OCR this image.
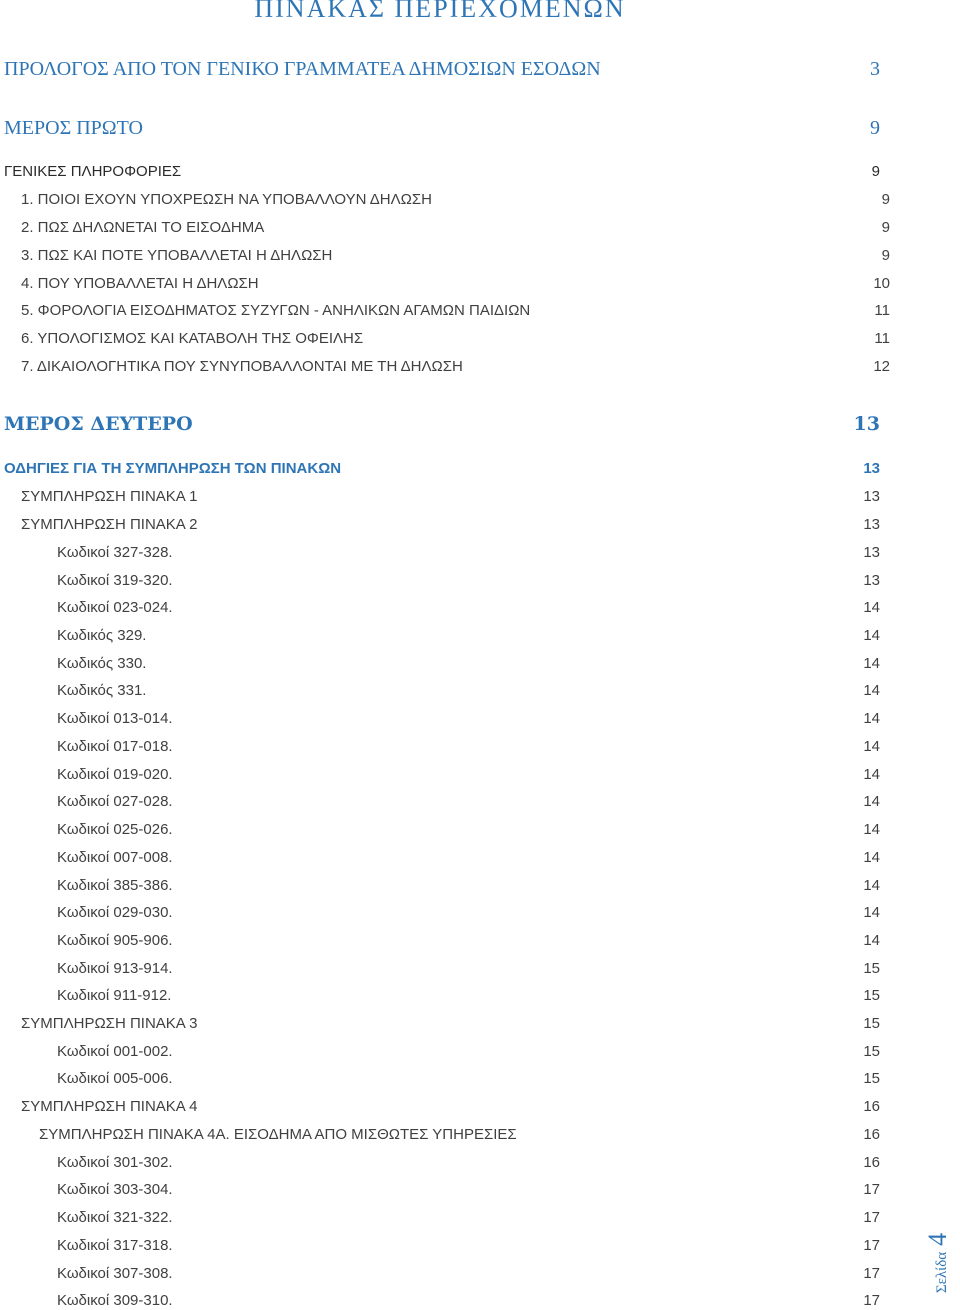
ΠΙΝΑΚΑΣ ΠΕΡΙΕΧΟΜΕΝΩΝ
ΠΡΟΛΟΓΟΣ ΑΠΟ ΤΟΝ ΓΕΝΙΚΟ ΓΡΑΜΜΑΤΕΑ ΔΗΜΟΣΙΩΝ ΕΣΟΔΩΝ	3
ΜΕΡΟΣ ΠΡΩΤΟ	9
ΓΕΝΙΚΕΣ ΠΛΗΡΟΦΟΡΙΕΣ	9
1. ΠΟΙΟΙ ΕΧΟΥΝ ΥΠΟΧΡΕΩΣΗ ΝΑ ΥΠΟΒΑΛΛΟΥΝ ΔΗΛΩΣΗ	9
2. ΠΩΣ ΔΗΛΩΝΕΤΑΙ ΤΟ ΕΙΣΟΔΗΜΑ	9
3. ΠΩΣ ΚΑΙ ΠΟΤΕ ΥΠΟΒΑΛΛΕΤΑΙ Η ΔΗΛΩΣΗ	9
4. ΠΟΥ ΥΠΟΒΑΛΛΕΤΑΙ Η ΔΗΛΩΣΗ	10
5. ΦΟΡΟΛΟΓΙΑ ΕΙΣΟΔΗΜΑΤΟΣ ΣΥΖΥΓΩΝ - ΑΝΗΛΙΚΩΝ ΑΓΑΜΩΝ ΠΑΙΔΙΩΝ	11
6. ΥΠΟΛΟΓΙΣΜΟΣ ΚΑΙ ΚΑΤΑΒΟΛΗ ΤΗΣ ΟΦΕΙΛΗΣ	11
7. ΔΙΚΑΙΟΛΟΓΗΤΙΚΑ ΠΟΥ ΣΥΝΥΠΟΒΑΛΛΟΝΤΑΙ ΜΕ ΤΗ ΔΗΛΩΣΗ	12
ΜΕΡΟΣ ΔΕΥΤΕΡΟ	13
ΟΔΗΓΙΕΣ ΓΙΑ ΤΗ ΣΥΜΠΛΗΡΩΣΗ ΤΩΝ ΠΙΝΑΚΩΝ	13
ΣΥΜΠΛΗΡΩΣΗ ΠΙΝΑΚΑ 1	13
ΣΥΜΠΛΗΡΩΣΗ ΠΙΝΑΚΑ 2	13
Κωδικοί 327-328.	13
Κωδικοί 319-320.	13
Κωδικοί 023-024.	14
Κωδικός 329.	14
Κωδικός 330.	14
Κωδικός 331.	14
Κωδικοί 013-014.	14
Κωδικοί 017-018.	14
Κωδικοί 019-020.	14
Κωδικοί 027-028.	14
Κωδικοί 025-026.	14
Κωδικοί 007-008.	14
Κωδικοί 385-386.	14
Κωδικοί 029-030.	14
Κωδικοί 905-906.	14
Κωδικοί 913-914.	15
Κωδικοί 911-912.	15
ΣΥΜΠΛΗΡΩΣΗ ΠΙΝΑΚΑ 3	15
Κωδικοί 001-002.	15
Κωδικοί 005-006.	15
ΣΥΜΠΛΗΡΩΣΗ ΠΙΝΑΚΑ 4	16
ΣΥΜΠΛΗΡΩΣΗ ΠΙΝΑΚΑ 4Α. ΕΙΣΟΔΗΜΑ ΑΠΟ ΜΙΣΘΩΤΕΣ ΥΠΗΡΕΣΙΕΣ	16
Κωδικοί 301-302.	16
Κωδικοί 303-304.	17
Κωδικοί 321-322.	17
Κωδικοί 317-318.	17
Κωδικοί 307-308.	17
Κωδικοί 309-310.	17
Σελίδα4
